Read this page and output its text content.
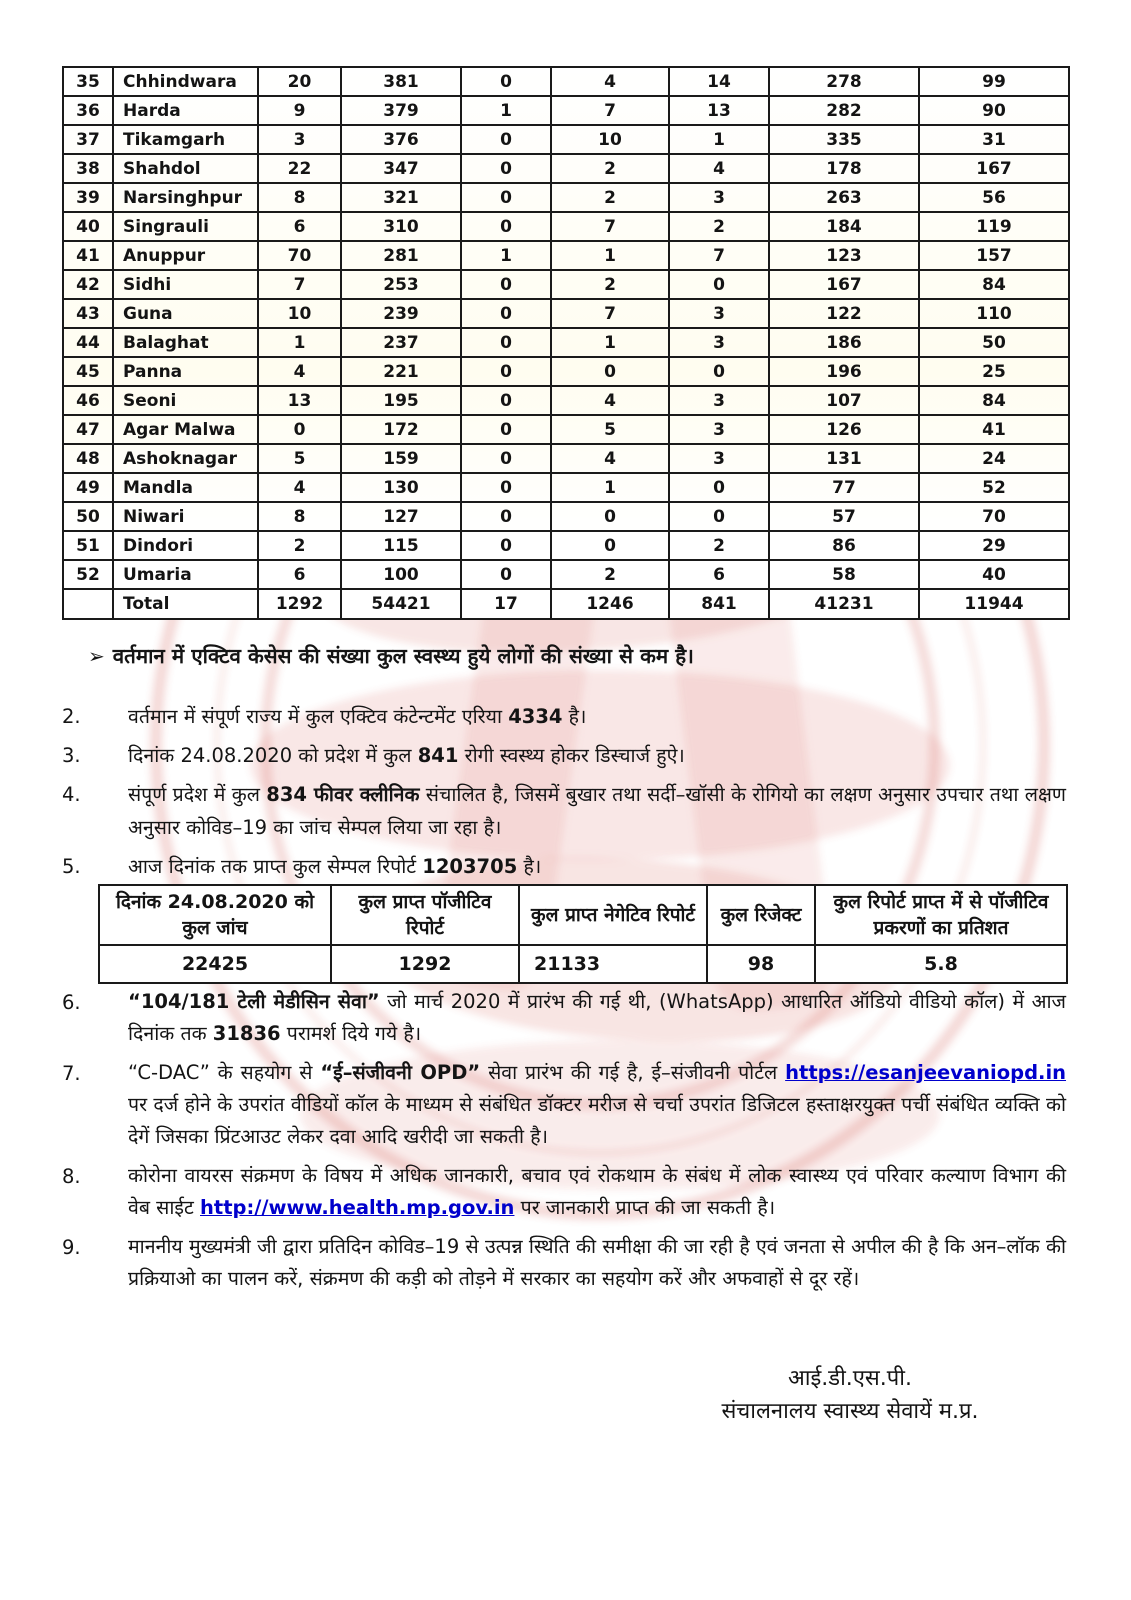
35	Chhindwara	20	381	0	4	14	278	99
36	Harda	9	379	1	7	13	282	90
37	Tikamgarh	3	376	0	10	1	335	31
38	Shahdol	22	347	0	2	4	178	167
39	Narsinghpur	8	321	0	2	3	263	56
40	Singrauli	6	310	0	7	2	184	119
41	Anuppur	70	281	1	1	7	123	157
42	Sidhi	7	253	0	2	0	167	84
43	Guna	10	239	0	7	3	122	110
44	Balaghat	1	237	0	1	3	186	50
45	Panna	4	221	0	0	0	196	25
46	Seoni	13	195	0	4	3	107	84
47	Agar Malwa	0	172	0	5	3	126	41
48	Ashoknagar	5	159	0	4	3	131	24
49	Mandla	4	130	0	1	0	77	52
50	Niwari	8	127	0	0	0	57	70
51	Dindori	2	115	0	0	2	86	29
52	Umaria	6	100	0	2	6	58	40
	Total	1292	54421	17	1246	841	41231	11944
➢ वर्तमान में एक्टिव केसेस की संख्या कुल स्वस्थ्य हुये लोगों की संख्या से कम है।
2.	वर्तमान में संपूर्ण राज्य में कुल एक्टिव कंटेन्टमेंट एरिया 4334 है।
3.	दिनांक 24.08.2020 को प्रदेश में कुल 841 रोगी स्वस्थ्य होकर डिस्चार्ज हुऐ।
4.	संपूर्ण प्रदेश में कुल 834 फीवर क्लीनिक संचालित है, जिसमें बुखार तथा सर्दी–खॉसी के रोगियो का लक्षण अनुसार उपचार तथा लक्षण अनुसार कोविड–19 का जांच सेम्पल लिया जा रहा है।
5.	आज दिनांक तक प्राप्त कुल सेम्पल रिपोर्ट 1203705 है।
दिनांक 24.08.2020 को कुल जांच	कुल प्राप्त पॉजीटिव रिपोर्ट	कुल प्राप्त नेगेटिव रिपोर्ट	कुल रिजेक्ट	कुल रिपोर्ट प्राप्त में से पॉजीटिव प्रकरणों का प्रतिशत
22425	1292	21133	98	5.8
6.	“104/181 टेली मेडीसिन सेवा” जो मार्च 2020 में प्रारंभ की गई थी, (WhatsApp) आधारित ऑडियो वीडियो कॉल) में आज दिनांक तक 31836 परामर्श दिये गये है।
7.	“C-DAC” के सहयोग से “ई–संजीवनी OPD” सेवा प्रारंभ की गई है, ई–संजीवनी पोर्टल https://esanjeevaniopd.in पर दर्ज होने के उपरांत वीडियों कॉल के माध्यम से संबंधित डॉक्टर मरीज से चर्चा उपरांत डिजिटल हस्ताक्षरयुक्त पर्ची संबंधित व्यक्ति को देगें जिसका प्रिंटआउट लेकर दवा आदि खरीदी जा सकती है।
8.	कोरोना वायरस संक्रमण के विषय में अधिक जानकारी, बचाव एवं रोकथाम के संबंध में लोक स्वास्थ्य एवं परिवार कल्याण विभाग की वेब साईट http://www.health.mp.gov.in पर जानकारी प्राप्त की जा सकती है।
9.	माननीय मुख्यमंत्री जी द्वारा प्रतिदिन कोविड–19 से उत्पन्न स्थिति की समीक्षा की जा रही है एवं जनता से अपील की है कि अन–लॉक की प्रक्रियाओ का पालन करें, संक्रमण की कड़ी को तोड़ने में सरकार का सहयोग करें और अफवाहों से दूर रहें।
आई.डी.एस.पी.
संचालनालय स्वास्थ्य सेवायें म.प्र.
